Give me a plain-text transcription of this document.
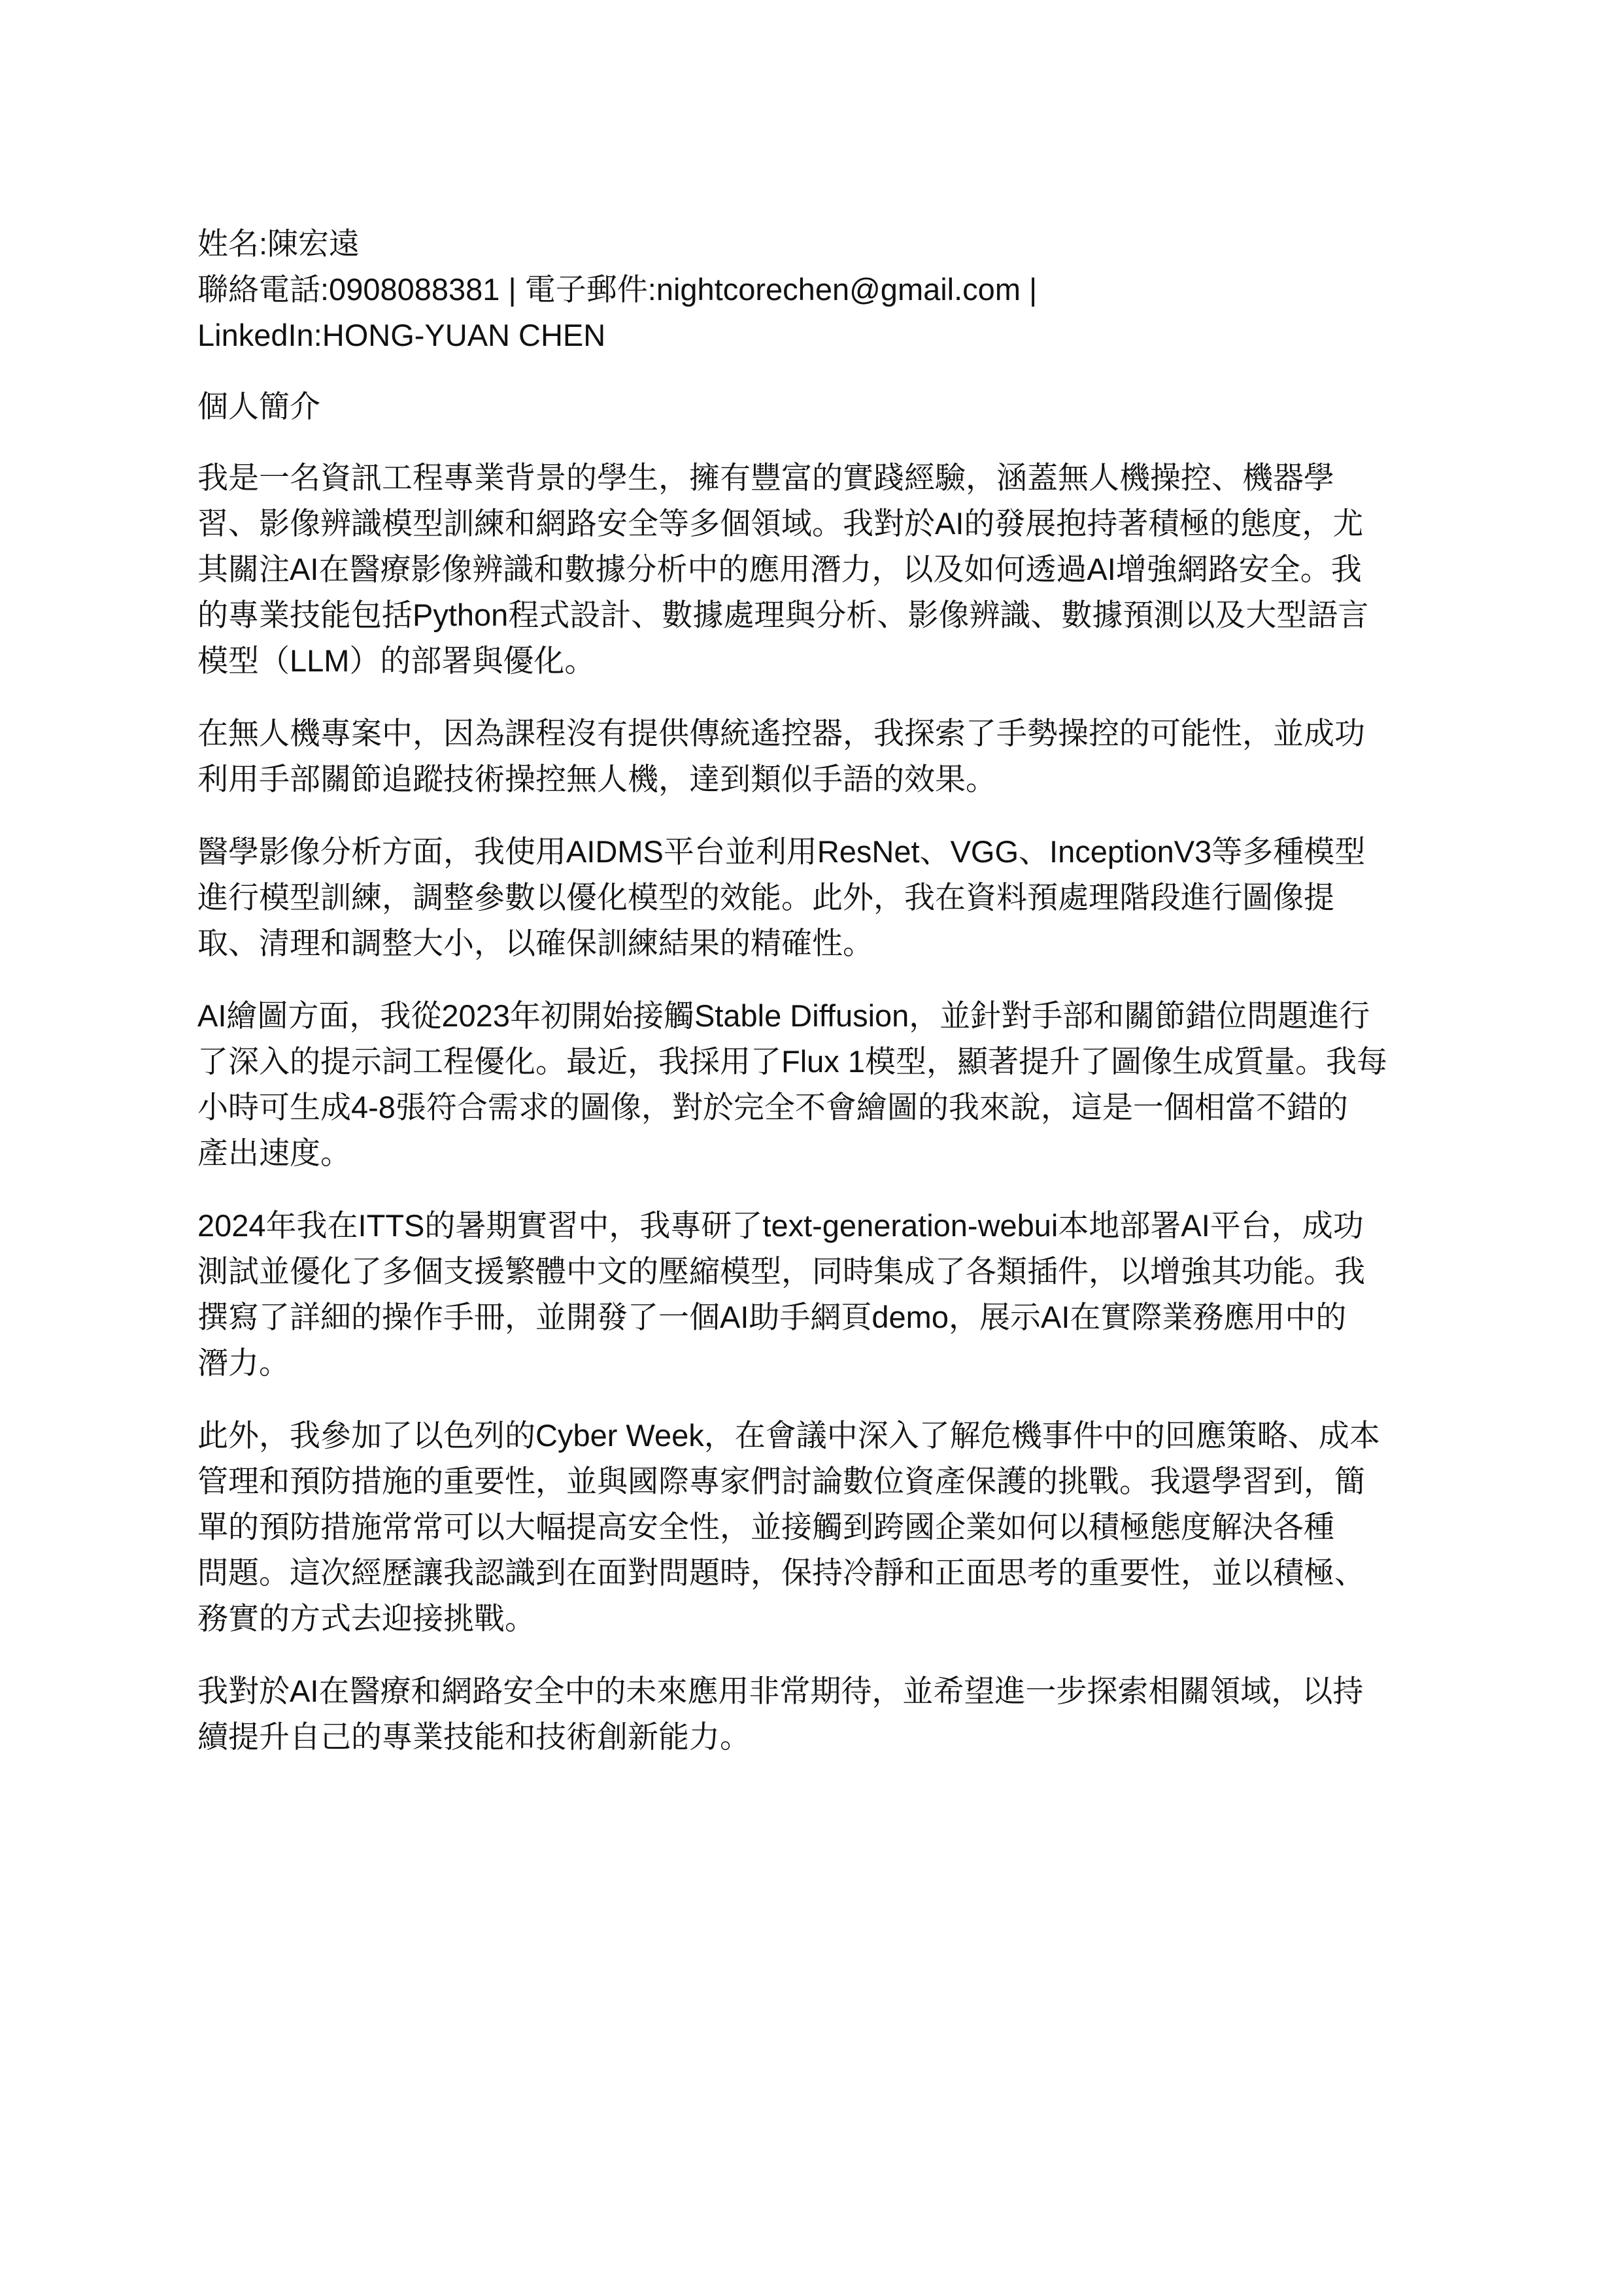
姓名:陳宏遠
聯絡電話:0908088381 | 電子郵件:nightcorechen@gmail.com |
LinkedIn:HONG-YUAN CHEN
個人簡介
我是一名資訊工程專業背景的學生，擁有豐富的實踐經驗，涵蓋無人機操控、機器學
習、影像辨識模型訓練和網路安全等多個領域。我對於AI的發展抱持著積極的態度，尤
其關注AI在醫療影像辨識和數據分析中的應用潛力，以及如何透過AI增強網路安全。我
的專業技能包括Python程式設計、數據處理與分析、影像辨識、數據預測以及大型語言
模型（LLM）的部署與優化。
在無人機專案中，因為課程沒有提供傳統遙控器，我探索了手勢操控的可能性，並成功
利用手部關節追蹤技術操控無人機，達到類似手語的效果。
醫學影像分析方面，我使用AIDMS平台並利用ResNet、VGG、InceptionV3等多種模型
進行模型訓練，調整參數以優化模型的效能。此外，我在資料預處理階段進行圖像提
取、清理和調整大小，以確保訓練結果的精確性。
AI繪圖方面，我從2023年初開始接觸Stable Diffusion，並針對手部和關節錯位問題進行
了深入的提示詞工程優化。最近，我採用了Flux 1模型，顯著提升了圖像生成質量。我每
小時可生成4-8張符合需求的圖像，對於完全不會繪圖的我來說，這是一個相當不錯的
產出速度。
2024年我在ITTS的暑期實習中，我專研了text-generation-webui本地部署AI平台，成功
測試並優化了多個支援繁體中文的壓縮模型，同時集成了各類插件，以增強其功能。我
撰寫了詳細的操作手冊，並開發了一個AI助手網頁demo，展示AI在實際業務應用中的
潛力。
此外，我參加了以色列的Cyber Week，在會議中深入了解危機事件中的回應策略、成本
管理和預防措施的重要性，並與國際專家們討論數位資產保護的挑戰。我還學習到，簡
單的預防措施常常可以大幅提高安全性，並接觸到跨國企業如何以積極態度解決各種
問題。這次經歷讓我認識到在面對問題時，保持冷靜和正面思考的重要性，並以積極、
務實的方式去迎接挑戰。
我對於AI在醫療和網路安全中的未來應用非常期待，並希望進一步探索相關領域，以持
續提升自己的專業技能和技術創新能力。
